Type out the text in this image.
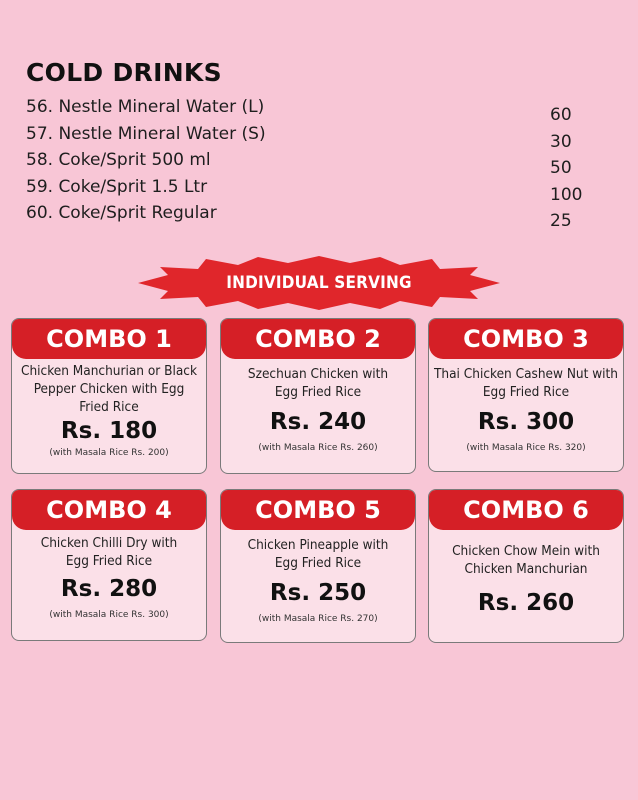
COLD DRINKS
56. Nestle Mineral Water (L)	60
57. Nestle Mineral Water (S)	30
58. Coke/Sprit 500 ml	50
59. Coke/Sprit 1.5 Ltr	100
60. Coke/Sprit Regular	25
INDIVIDUAL SERVING
COMBO 1
Chicken Manchurian or Black Pepper Chicken with Egg Fried Rice
Rs. 180
(with Masala Rice Rs. 200)
COMBO 2
Szechuan Chicken with Egg Fried Rice
Rs. 240
(with Masala Rice Rs. 260)
COMBO 3
Thai Chicken Cashew Nut with Egg Fried Rice
Rs. 300
(with Masala Rice Rs. 320)
COMBO 4
Chicken Chilli Dry with Egg Fried Rice
Rs. 280
(with Masala Rice Rs. 300)
COMBO 5
Chicken Pineapple with Egg Fried Rice
Rs. 250
(with Masala Rice Rs. 270)
COMBO 6
Chicken Chow Mein with Chicken Manchurian
Rs. 260
